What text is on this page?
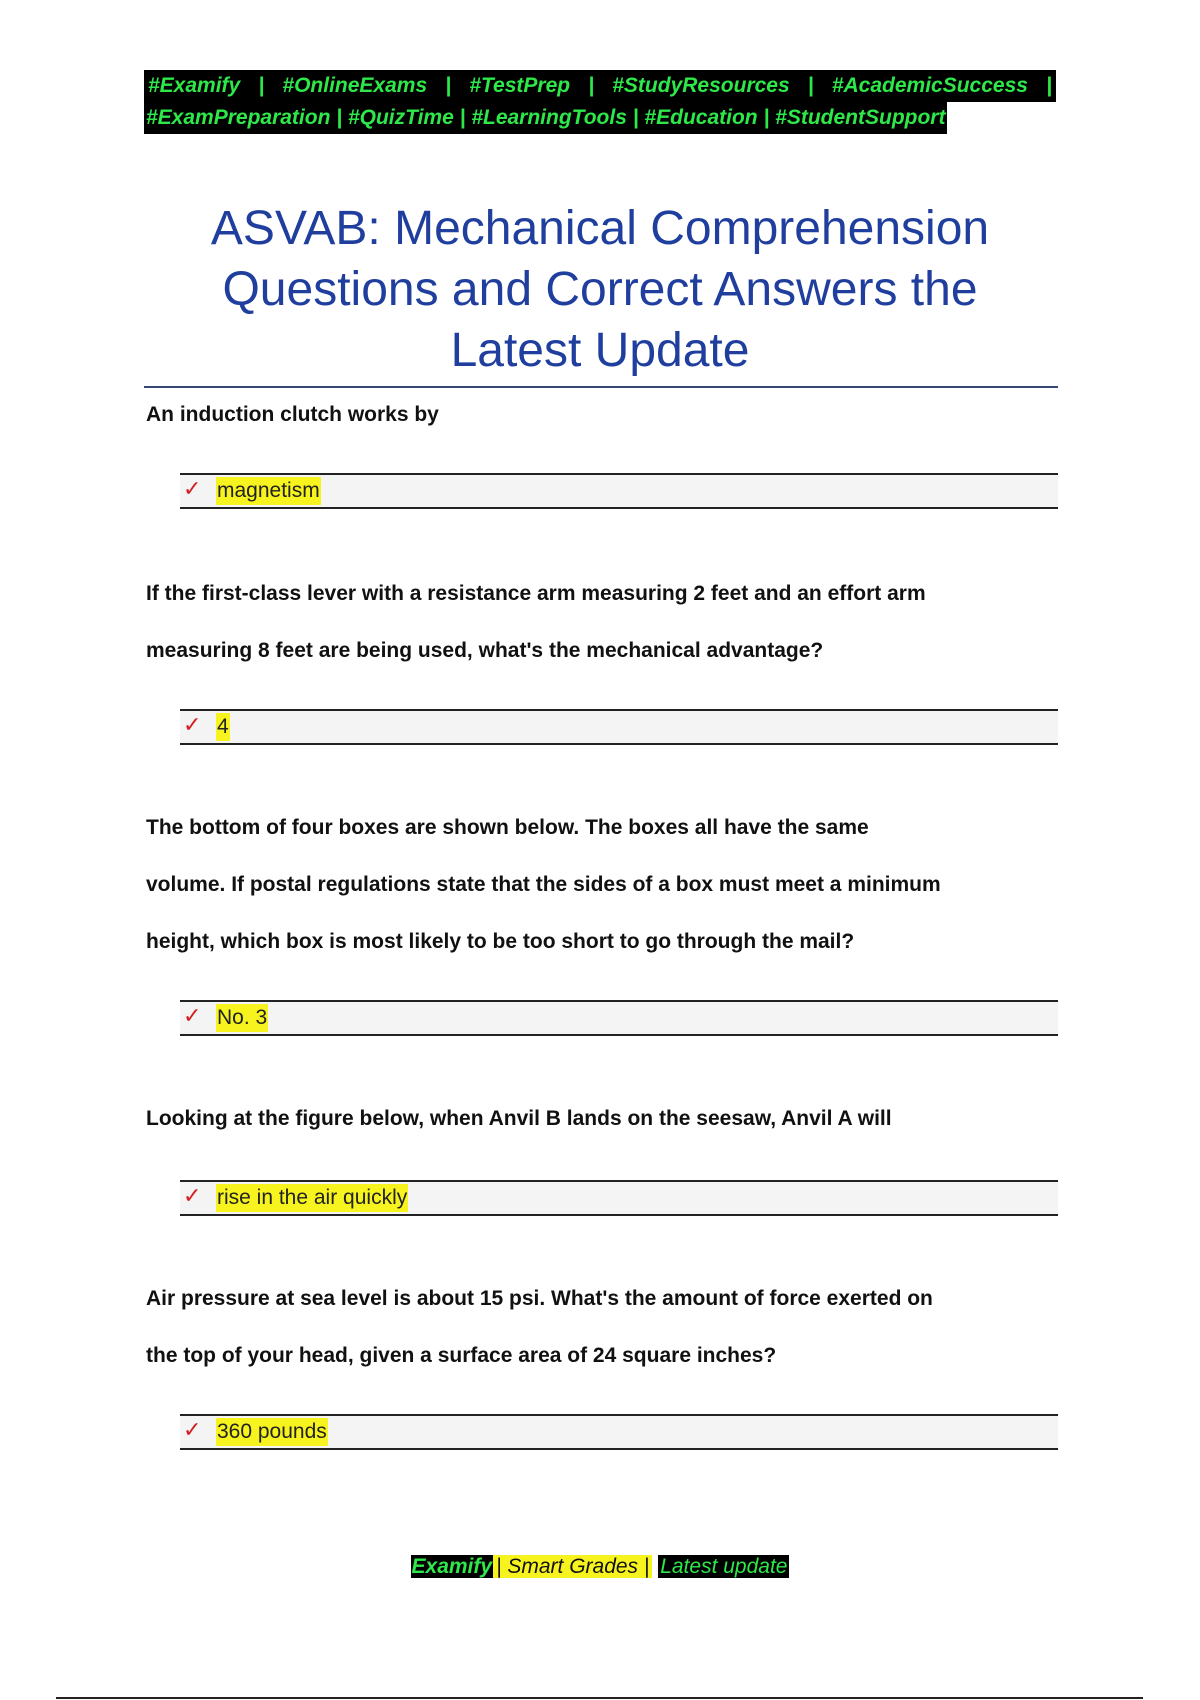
#Examify | #OnlineExams | #TestPrep | #StudyResources | #AcademicSuccess |
#ExamPreparation | #QuizTime | #LearningTools | #Education | #StudentSupport
ASVAB: Mechanical Comprehension
Questions and Correct Answers the
Latest Update
An induction clutch works by
✓ magnetism
If the first-class lever with a resistance arm measuring 2 feet and an effort arm
measuring 8 feet are being used, what's the mechanical advantage?
✓ 4
The bottom of four boxes are shown below. The boxes all have the same
volume. If postal regulations state that the sides of a box must meet a minimum
height, which box is most likely to be too short to go through the mail?
✓ No. 3
Looking at the figure below, when Anvil B lands on the seesaw, Anvil A will
✓ rise in the air quickly
Air pressure at sea level is about 15 psi. What's the amount of force exerted on
the top of your head, given a surface area of 24 square inches?
✓ 360 pounds
Examify | Smart Grades | Latest update
